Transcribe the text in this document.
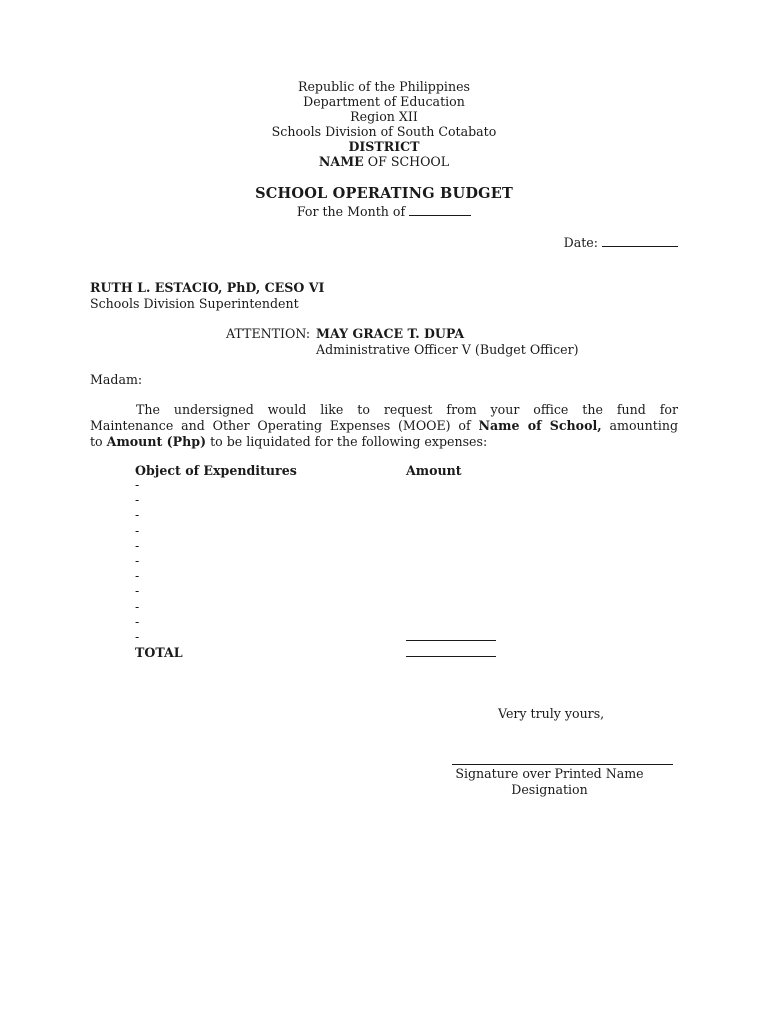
Republic of the Philippines
Department of Education
Region XII
Schools Division of South Cotabato
DISTRICT
NAME OF SCHOOL
SCHOOL OPERATING BUDGET
For the Month of
Date:
RUTH L. ESTACIO, PhD, CESO VI
Schools Division Superintendent
ATTENTION: MAY GRACE T. DUPA
Administrative Officer V (Budget Officer)
Madam:
The undersigned would like to request from your office the fund for
Maintenance and Other Operating Expenses (MOOE) of Name of School, amounting
to Amount (Php) to be liquidated for the following expenses:
Object of Expenditures	Amount
-
-
-
-
-
-
-
-
-
-
-
TOTAL
Very truly yours,
Signature over Printed Name
Designation
